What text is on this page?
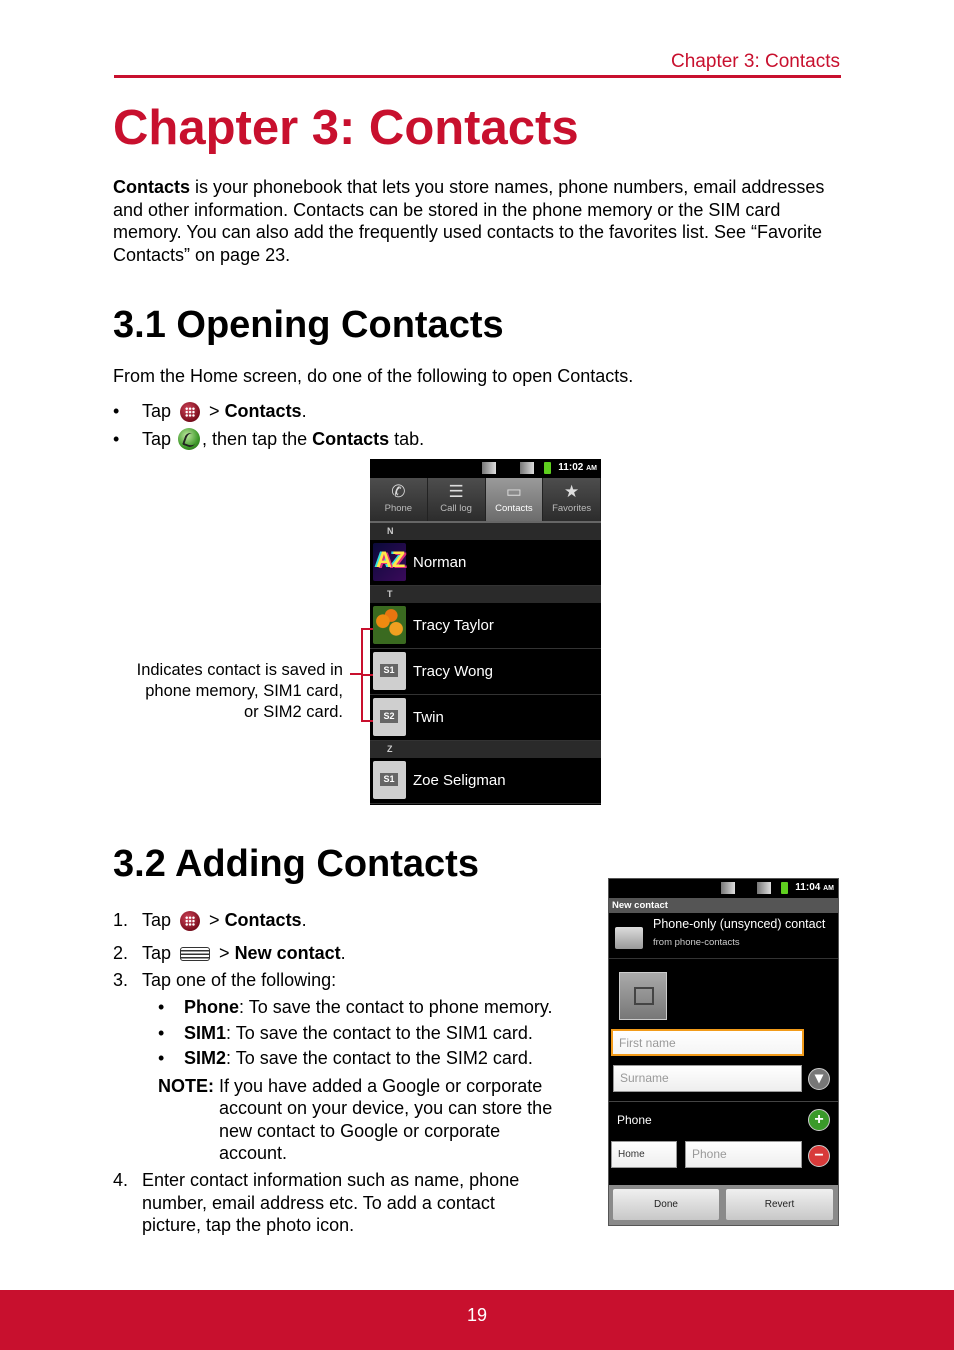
Chapter 3: Contacts
Chapter 3: Contacts

Contacts is your phonebook that lets you store names, phone numbers, email addresses and other information. Contacts can be stored in the phone memory or the SIM card memory. You can also add the frequently used contacts to the favorites list. See “Favorite Contacts” on page 23.

3.1 Opening Contacts
From the Home screen, do one of the following to open Contacts.
• Tap  > Contacts.
• Tap , then tap the Contacts tab.
11:02 AM
✆
Phone
☰
Call log
▭
Contacts
★
Favorites
N
AZ
Norman
T
Tracy Taylor
S1 Tracy Wong
S2 Twin
Z
S1 Zoe Seligman
Indicates contact is saved in phone memory, SIM1 card, or SIM2 card.
3.2 Adding Contacts
1. Tap  > Contacts.
2. Tap  > New contact.
3. Tap one of the following:
• Phone: To save the contact to phone memory.
• SIM1: To save the contact to the SIM1 card.
• SIM2: To save the contact to the SIM2 card.
NOTE: If you have added a Google or corporate
account on your device, you can store the
new contact to Google or corporate
account.
4. Enter contact information such as name, phone
number, email address etc. To add a contact
picture, tap the photo icon.
11:04 AM
New contact
Phone-only (unsynced) contact
from phone-contacts
First name
Surname	▾
Phone	+
Home	Phone	−
Done	Revert
19
